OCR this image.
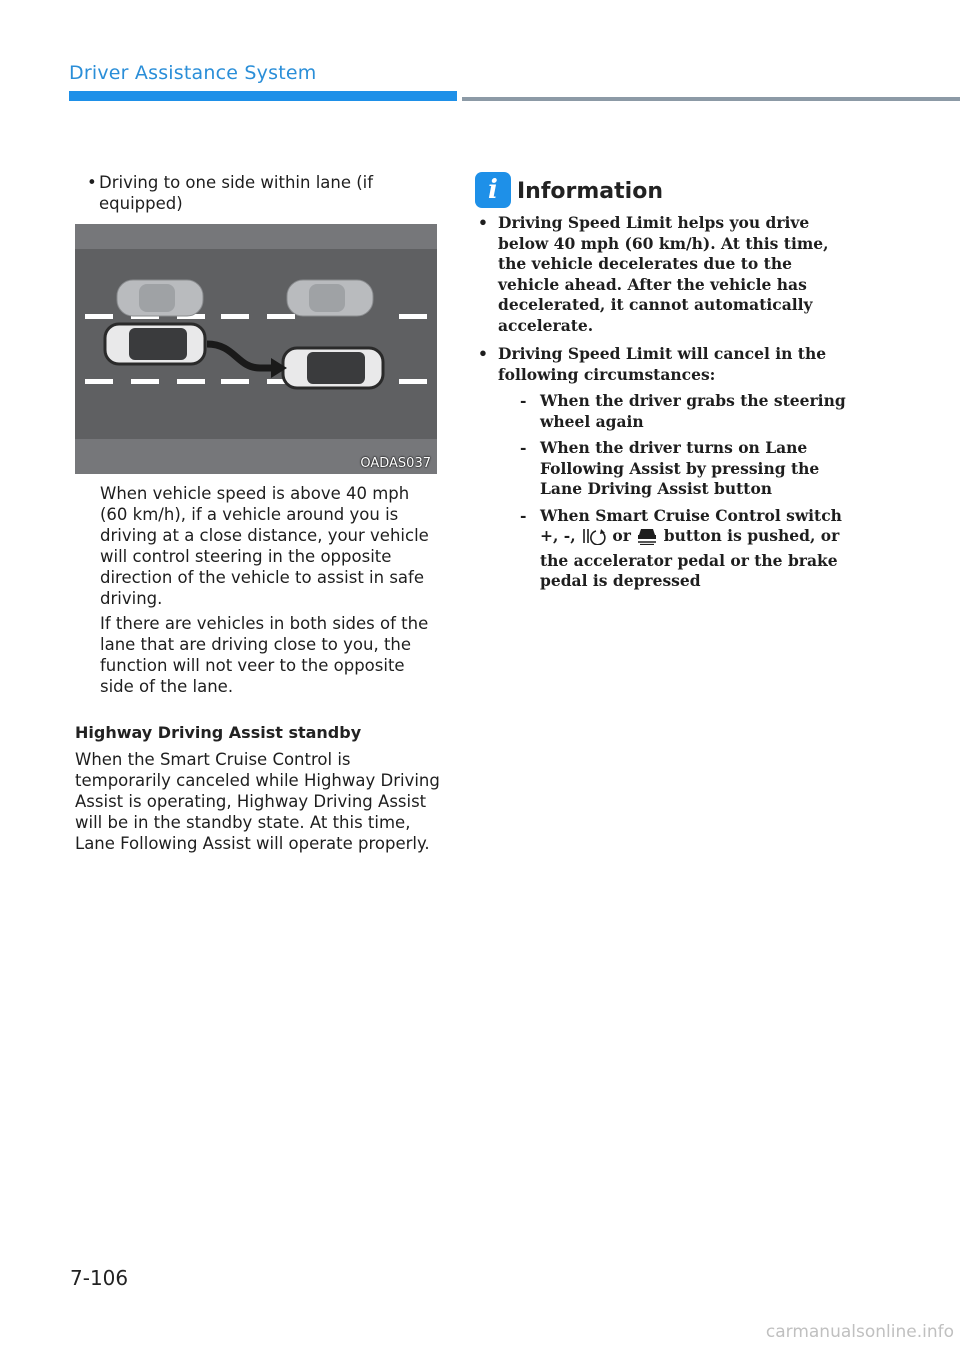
Driver Assistance System
• Driving to one side within lane (if equipped)
OADAS037
When vehicle speed is above 40 mph (60 km/h), if a vehicle around you is driving at a close distance, your vehicle will control steering in the opposite direction of the vehicle to assist in safe driving.
If there are vehicles in both sides of the lane that are driving close to you, the function will not veer to the opposite side of the lane.
Highway Driving Assist standby
When the Smart Cruise Control is temporarily canceled while Highway Driving Assist is operating, Highway Driving Assist will be in the standby state. At this time, Lane Following Assist will operate properly.
i Information
• Driving Speed Limit helps you drive below 40 mph (60 km/h). At this time, the vehicle decelerates due to the vehicle ahead. After the vehicle has decelerated, it cannot automatically accelerate.
• Driving Speed Limit will cancel in the following circumstances:
- When the driver grabs the steering wheel again
- When the driver turns on Lane Following Assist by pressing the Lane Driving Assist button
- When Smart Cruise Control switch +, -, or button is pushed, or the accelerator pedal or the brake pedal is depressed
7-106
carmanualsonline.info
